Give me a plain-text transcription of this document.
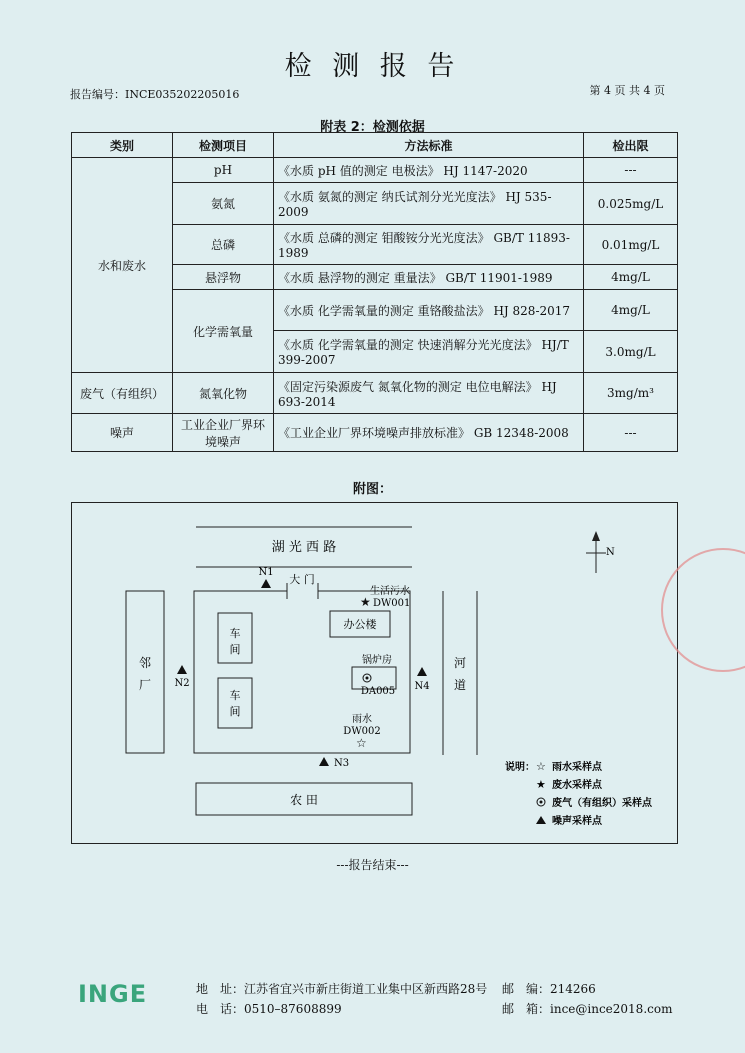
检 测 报 告
报告编号：INCE035202205016	第 4 页 共 4 页
附表 2：检测依据
类别	检测项目	方法标准	检出限
水和废水	pH	《水质 pH 值的测定 电极法》 HJ 1147-2020	---
	氨氮	《水质 氨氮的测定 纳氏试剂分光光度法》 HJ 535-2009	0.025mg/L
	总磷	《水质 总磷的测定 钼酸铵分光光度法》 GB/T 11893-1989	0.01mg/L
	悬浮物	《水质 悬浮物的测定 重量法》 GB/T 11901-1989	4mg/L
	化学需氧量	《水质 化学需氧量的测定 重铬酸盐法》 HJ 828-2017	4mg/L
		《水质 化学需氧量的测定 快速消解分光光度法》 HJ/T 399-2007	3.0mg/L
废气（有组织）	氮氧化物	《固定污染源废气 氮氧化物的测定 电位电解法》 HJ 693-2014	3mg/m³
噪声	工业企业厂界环境噪声	《工业企业厂界环境噪声排放标准》 GB 12348-2008	---
附图：
湖 光 西 路	N
N1
大 门
生活污水
★ DW001
办公楼
车
间
车
间
锅炉房
DA005
雨水
DW002
☆
邻
厂 N2	N4
河
道
N3
农 田
说明： ☆ 雨水采样点
★ 废水采样点
废气（有组织）采样点
噪声采样点
---报告结束---
INGE	地　址：江苏省宜兴市新庄街道工业集中区新西路28号 邮　编：214266
电　话：0510–87608899	邮　箱：ince@ince2018.com
